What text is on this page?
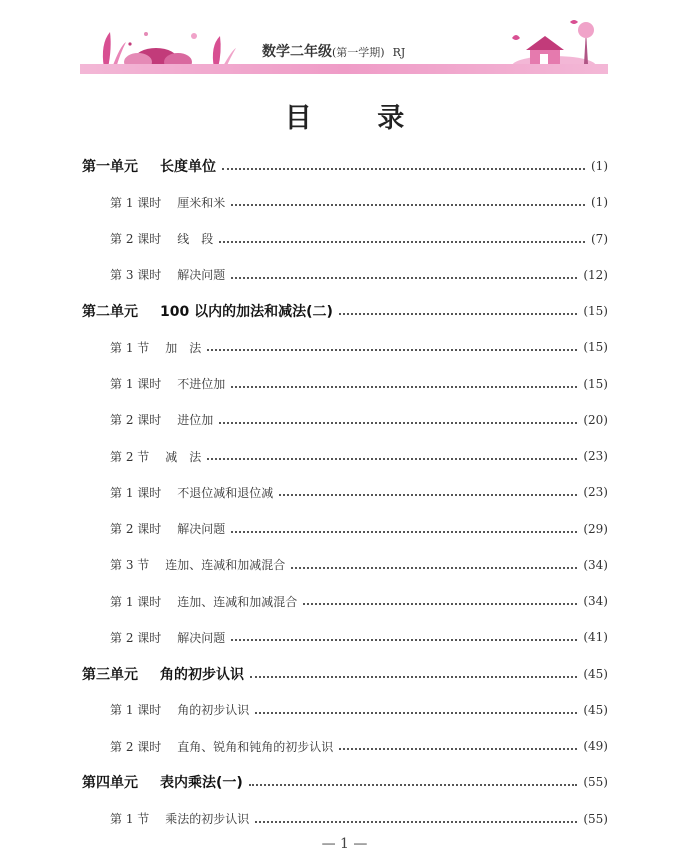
数学二年级(第一学期) RJ
目 录
第一单元 长度单位	(1)
第 1 课时 厘米和米	(1)
第 2 课时 线　段	(7)
第 3 课时 解决问题	(12)
第二单元 100 以内的加法和减法(二)	(15)
第 1 节 加　法	(15)
第 1 课时 不进位加	(15)
第 2 课时 进位加	(20)
第 2 节 减　法	(23)
第 1 课时 不退位减和退位减	(23)
第 2 课时 解决问题	(29)
第 3 节 连加、连减和加减混合	(34)
第 1 课时 连加、连减和加减混合	(34)
第 2 课时 解决问题	(41)
第三单元 角的初步认识	(45)
第 1 课时 角的初步认识	(45)
第 2 课时 直角、锐角和钝角的初步认识	(49)
第四单元 表内乘法(一)	(55)
第 1 节 乘法的初步认识	(55)
— 1 —
